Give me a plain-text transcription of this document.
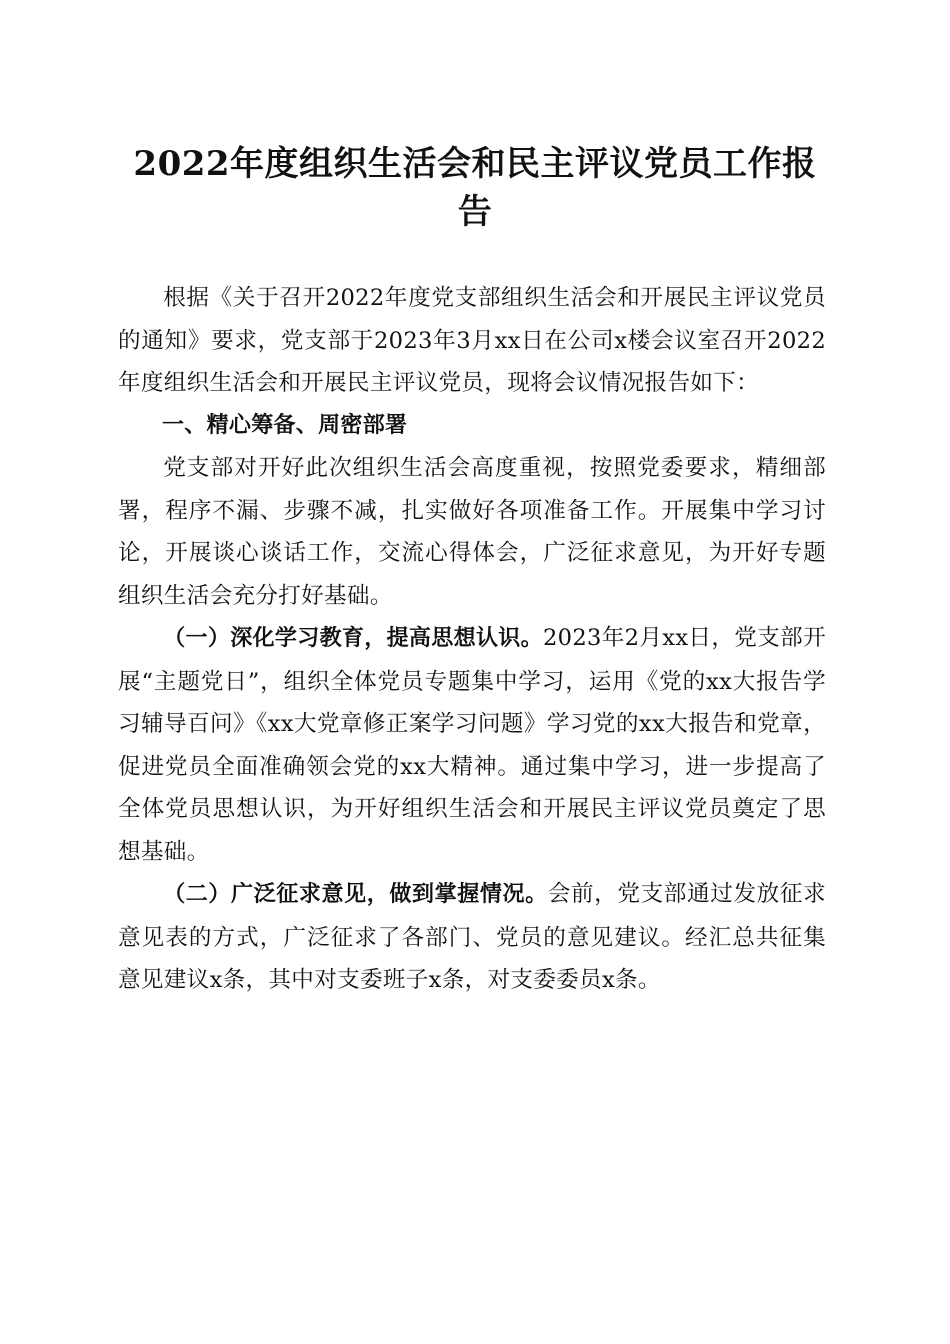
2022年度组织生活会和民主评议党员工作报告

根据《关于召开2022年度党支部组织生活会和开展民主评议党员的通知》要求，党支部于2023年3月xx日在公司x楼会议室召开2022年度组织生活会和开展民主评议党员，现将会议情况报告如下：

一、精心筹备、周密部署

党支部对开好此次组织生活会高度重视，按照党委要求，精细部署，程序不漏、步骤不减，扎实做好各项准备工作。开展集中学习讨论，开展谈心谈话工作，交流心得体会，广泛征求意见，为开好专题组织生活会充分打好基础。

（一）深化学习教育，提高思想认识。2023年2月xx日，党支部开展“主题党日”，组织全体党员专题集中学习，运用《党的xx大报告学习辅导百问》《xx大党章修正案学习问题》学习党的xx大报告和党章，促进党员全面准确领会党的xx大精神。通过集中学习，进一步提高了全体党员思想认识，为开好组织生活会和开展民主评议党员奠定了思想基础。

（二）广泛征求意见，做到掌握情况。会前，党支部通过发放征求意见表的方式，广泛征求了各部门、党员的意见建议。经汇总共征集意见建议x条，其中对支委班子x条，对支委委员x条。
